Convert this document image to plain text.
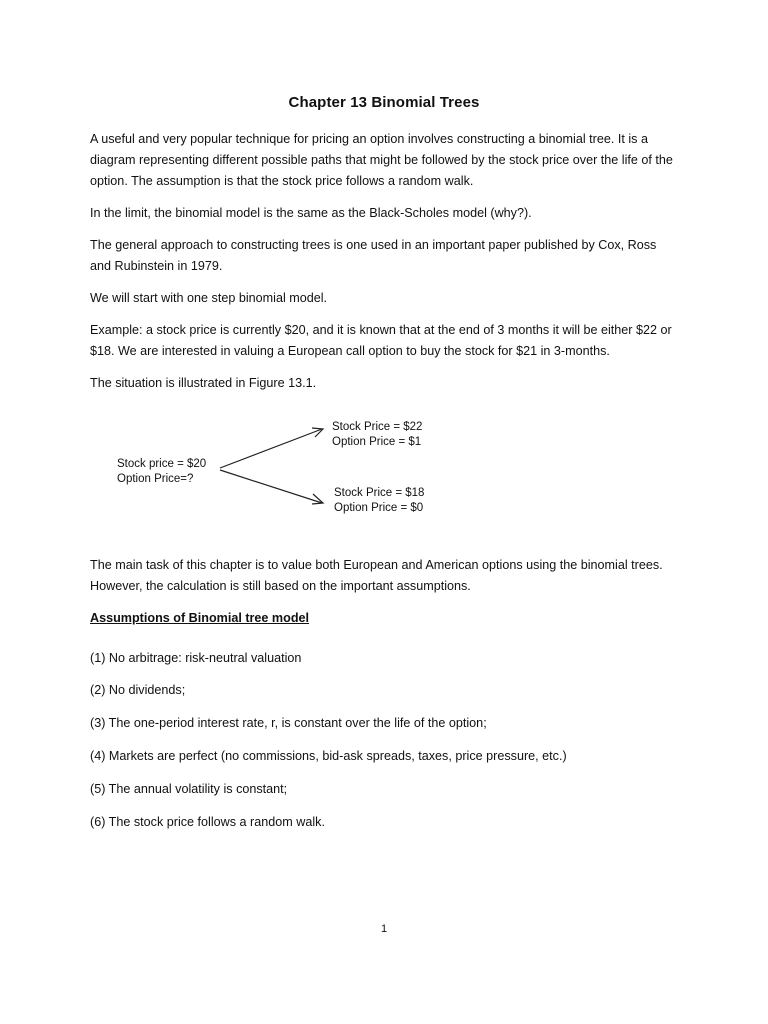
Chapter 13 Binomial Trees

A useful and very popular technique for pricing an option involves constructing a binomial tree. It is a diagram representing different possible paths that might be followed by the stock price over the life of the option. The assumption is that the stock price follows a random walk.

In the limit, the binomial model is the same as the Black-Scholes model (why?).

The general approach to constructing trees is one used in an important paper published by Cox, Ross and Rubinstein in 1979.

We will start with one step binomial model.

Example: a stock price is currently $20, and it is known that at the end of 3 months it will be either $22 or $18. We are interested in valuing a European call option to buy the stock for $21 in 3-months.

The situation is illustrated in Figure 13.1.

Stock price = $20
Option Price=?
Stock Price = $22
Option Price = $1
Stock Price = $18
Option Price = $0

The main task of this chapter is to value both European and American options using the binomial trees. However, the calculation is still based on the important assumptions.

Assumptions of Binomial tree model

(1) No arbitrage: risk-neutral valuation

(2) No dividends;

(3) The one-period interest rate, r, is constant over the life of the option;

(4) Markets are perfect (no commissions, bid-ask spreads, taxes, price pressure, etc.)

(5) The annual volatility is constant;

(6) The stock price follows a random walk.

1
